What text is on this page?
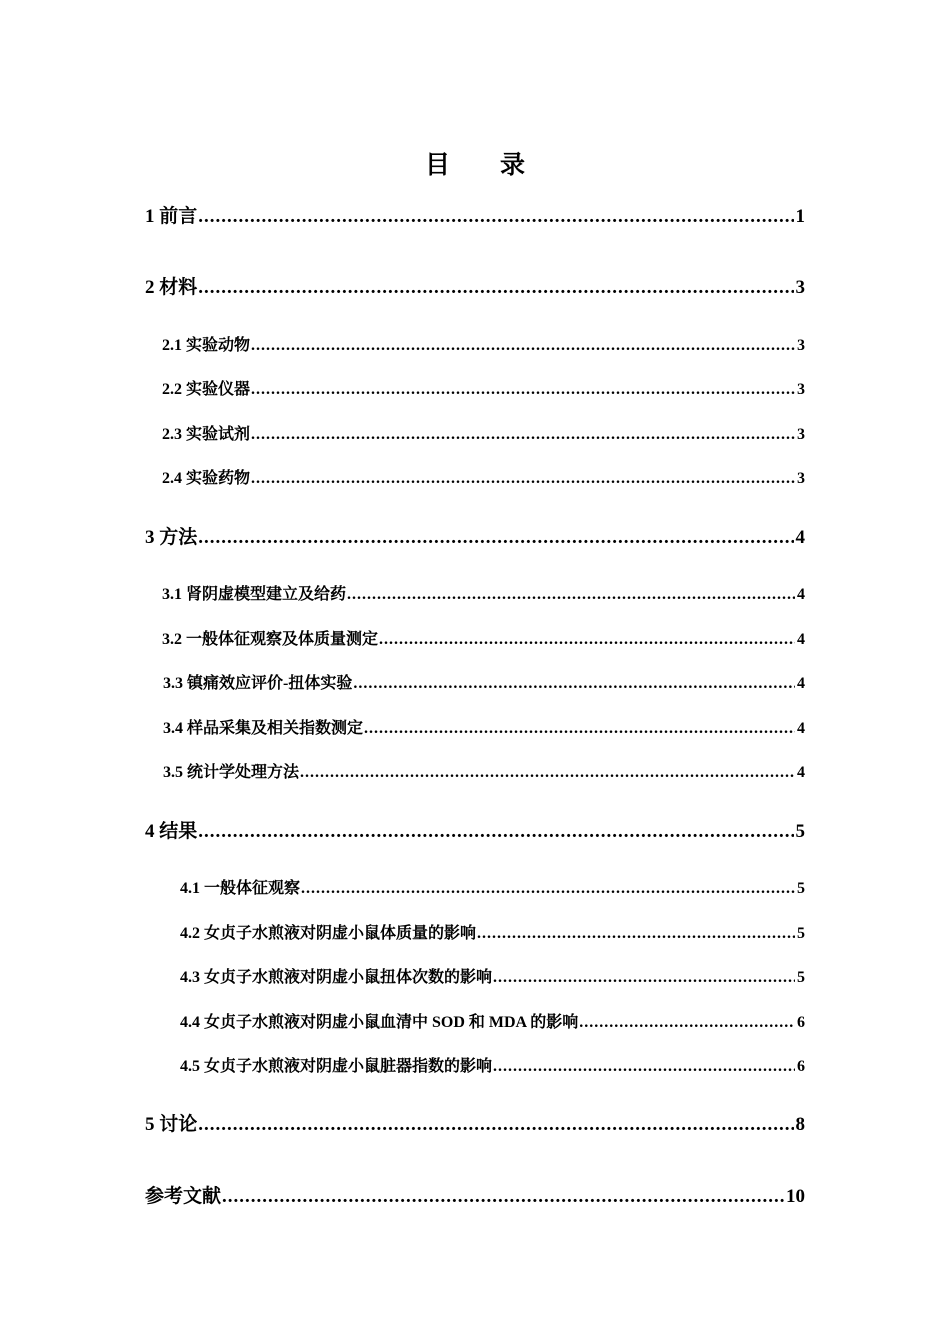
目 录
1 前言 .....	1
2 材料 .....	3
2.1 实验动物 .....	3
2.2 实验仪器 .....	3
2.3 实验试剂 .....	3
2.4 实验药物 .....	3
3 方法 .....	4
3.1 肾阴虚模型建立及给药 .....	4
3.2 一般体征观察及体质量测定 .....	4
3.3 镇痛效应评价-扭体实验 .....	4
3.4 样品采集及相关指数测定 .....	4
3.5 统计学处理方法 .....	4
4 结果 .....	5
4.1 一般体征观察 .....	5
4.2 女贞子水煎液对阴虚小鼠体质量的影响 .....	5
4.3 女贞子水煎液对阴虚小鼠扭体次数的影响 .....	5
4.4 女贞子水煎液对阴虚小鼠血清中 SOD 和 MDA 的影响 .....	6
4.5 女贞子水煎液对阴虚小鼠脏器指数的影响 .....	6
5 讨论 .....	8
参考文献 .....	10
